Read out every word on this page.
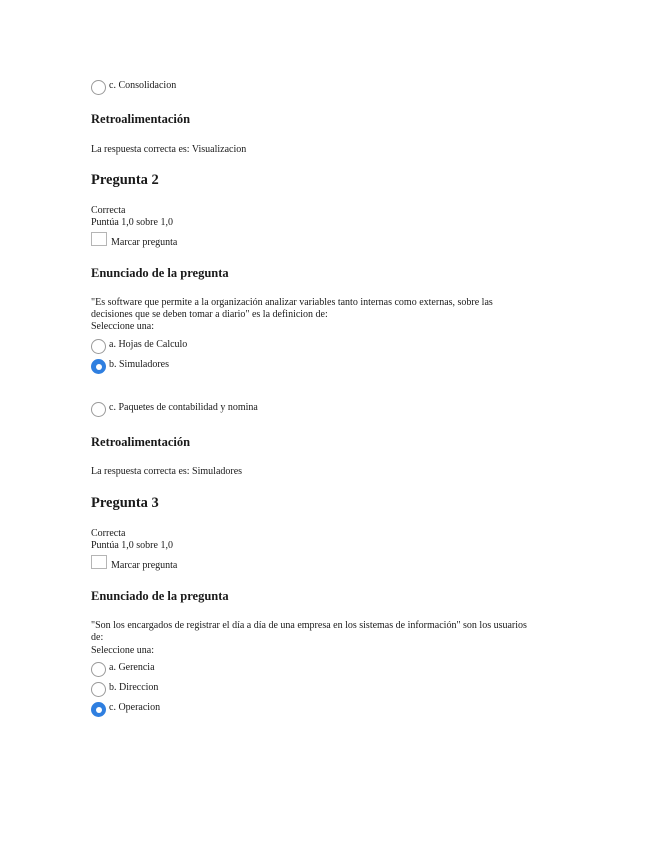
c. Consolidacion
Retroalimentación
La respuesta correcta es: Visualizacion
Pregunta 2
Correcta
Puntúa 1,0 sobre 1,0
Marcar pregunta
Enunciado de la pregunta
"Es software que permite a la organización analizar variables tanto internas como externas, sobre las
decisiones que se deben tomar a diario" es la definicion de:
Seleccione una:
a. Hojas de Calculo
b. Simuladores
c. Paquetes de contabilidad y nomina
Retroalimentación
La respuesta correcta es: Simuladores
Pregunta 3
Correcta
Puntúa 1,0 sobre 1,0
Marcar pregunta
Enunciado de la pregunta
"Son los encargados de registrar el día a día de una empresa en los sistemas de información" son los usuarios
de:
Seleccione una:
a. Gerencia
b. Direccion
c. Operacion
